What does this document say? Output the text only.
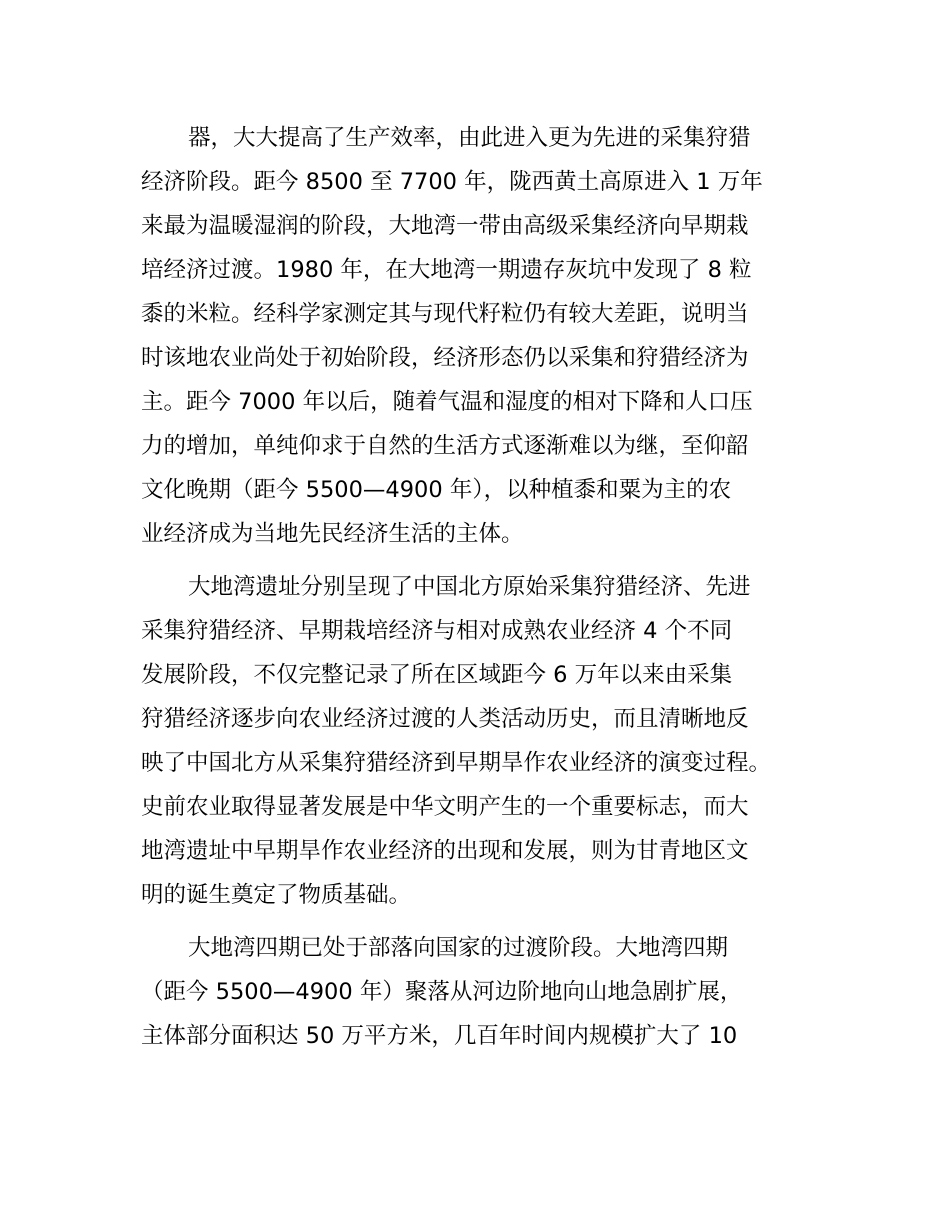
器，大大提高了生产效率，由此进入更为先进的采集狩猎
经济阶段。距今 8500 至 7700 年，陇西黄土高原进入 1 万年
来最为温暖湿润的阶段，大地湾一带由高级采集经济向早期栽
培经济过渡。1980 年，在大地湾一期遗存灰坑中发现了 8 粒
黍的米粒。经科学家测定其与现代籽粒仍有较大差距，说明当
时该地农业尚处于初始阶段，经济形态仍以采集和狩猎经济为
主。距今 7000 年以后，随着气温和湿度的相对下降和人口压
力的增加，单纯仰求于自然的生活方式逐渐难以为继，至仰韶
文化晚期（距今 5500—4900 年），以种植黍和粟为主的农
业经济成为当地先民经济生活的主体。
大地湾遗址分别呈现了中国北方原始采集狩猎经济、先进
采集狩猎经济、早期栽培经济与相对成熟农业经济 4 个不同
发展阶段，不仅完整记录了所在区域距今 6 万年以来由采集
狩猎经济逐步向农业经济过渡的人类活动历史，而且清晰地反
映了中国北方从采集狩猎经济到早期旱作农业经济的演变过程。
史前农业取得显著发展是中华文明产生的一个重要标志，而大
地湾遗址中早期旱作农业经济的出现和发展，则为甘青地区文
明的诞生奠定了物质基础。
大地湾四期已处于部落向国家的过渡阶段。大地湾四期
（距今 5500—4900 年）聚落从河边阶地向山地急剧扩展，
主体部分面积达 50 万平方米，几百年时间内规模扩大了 10
